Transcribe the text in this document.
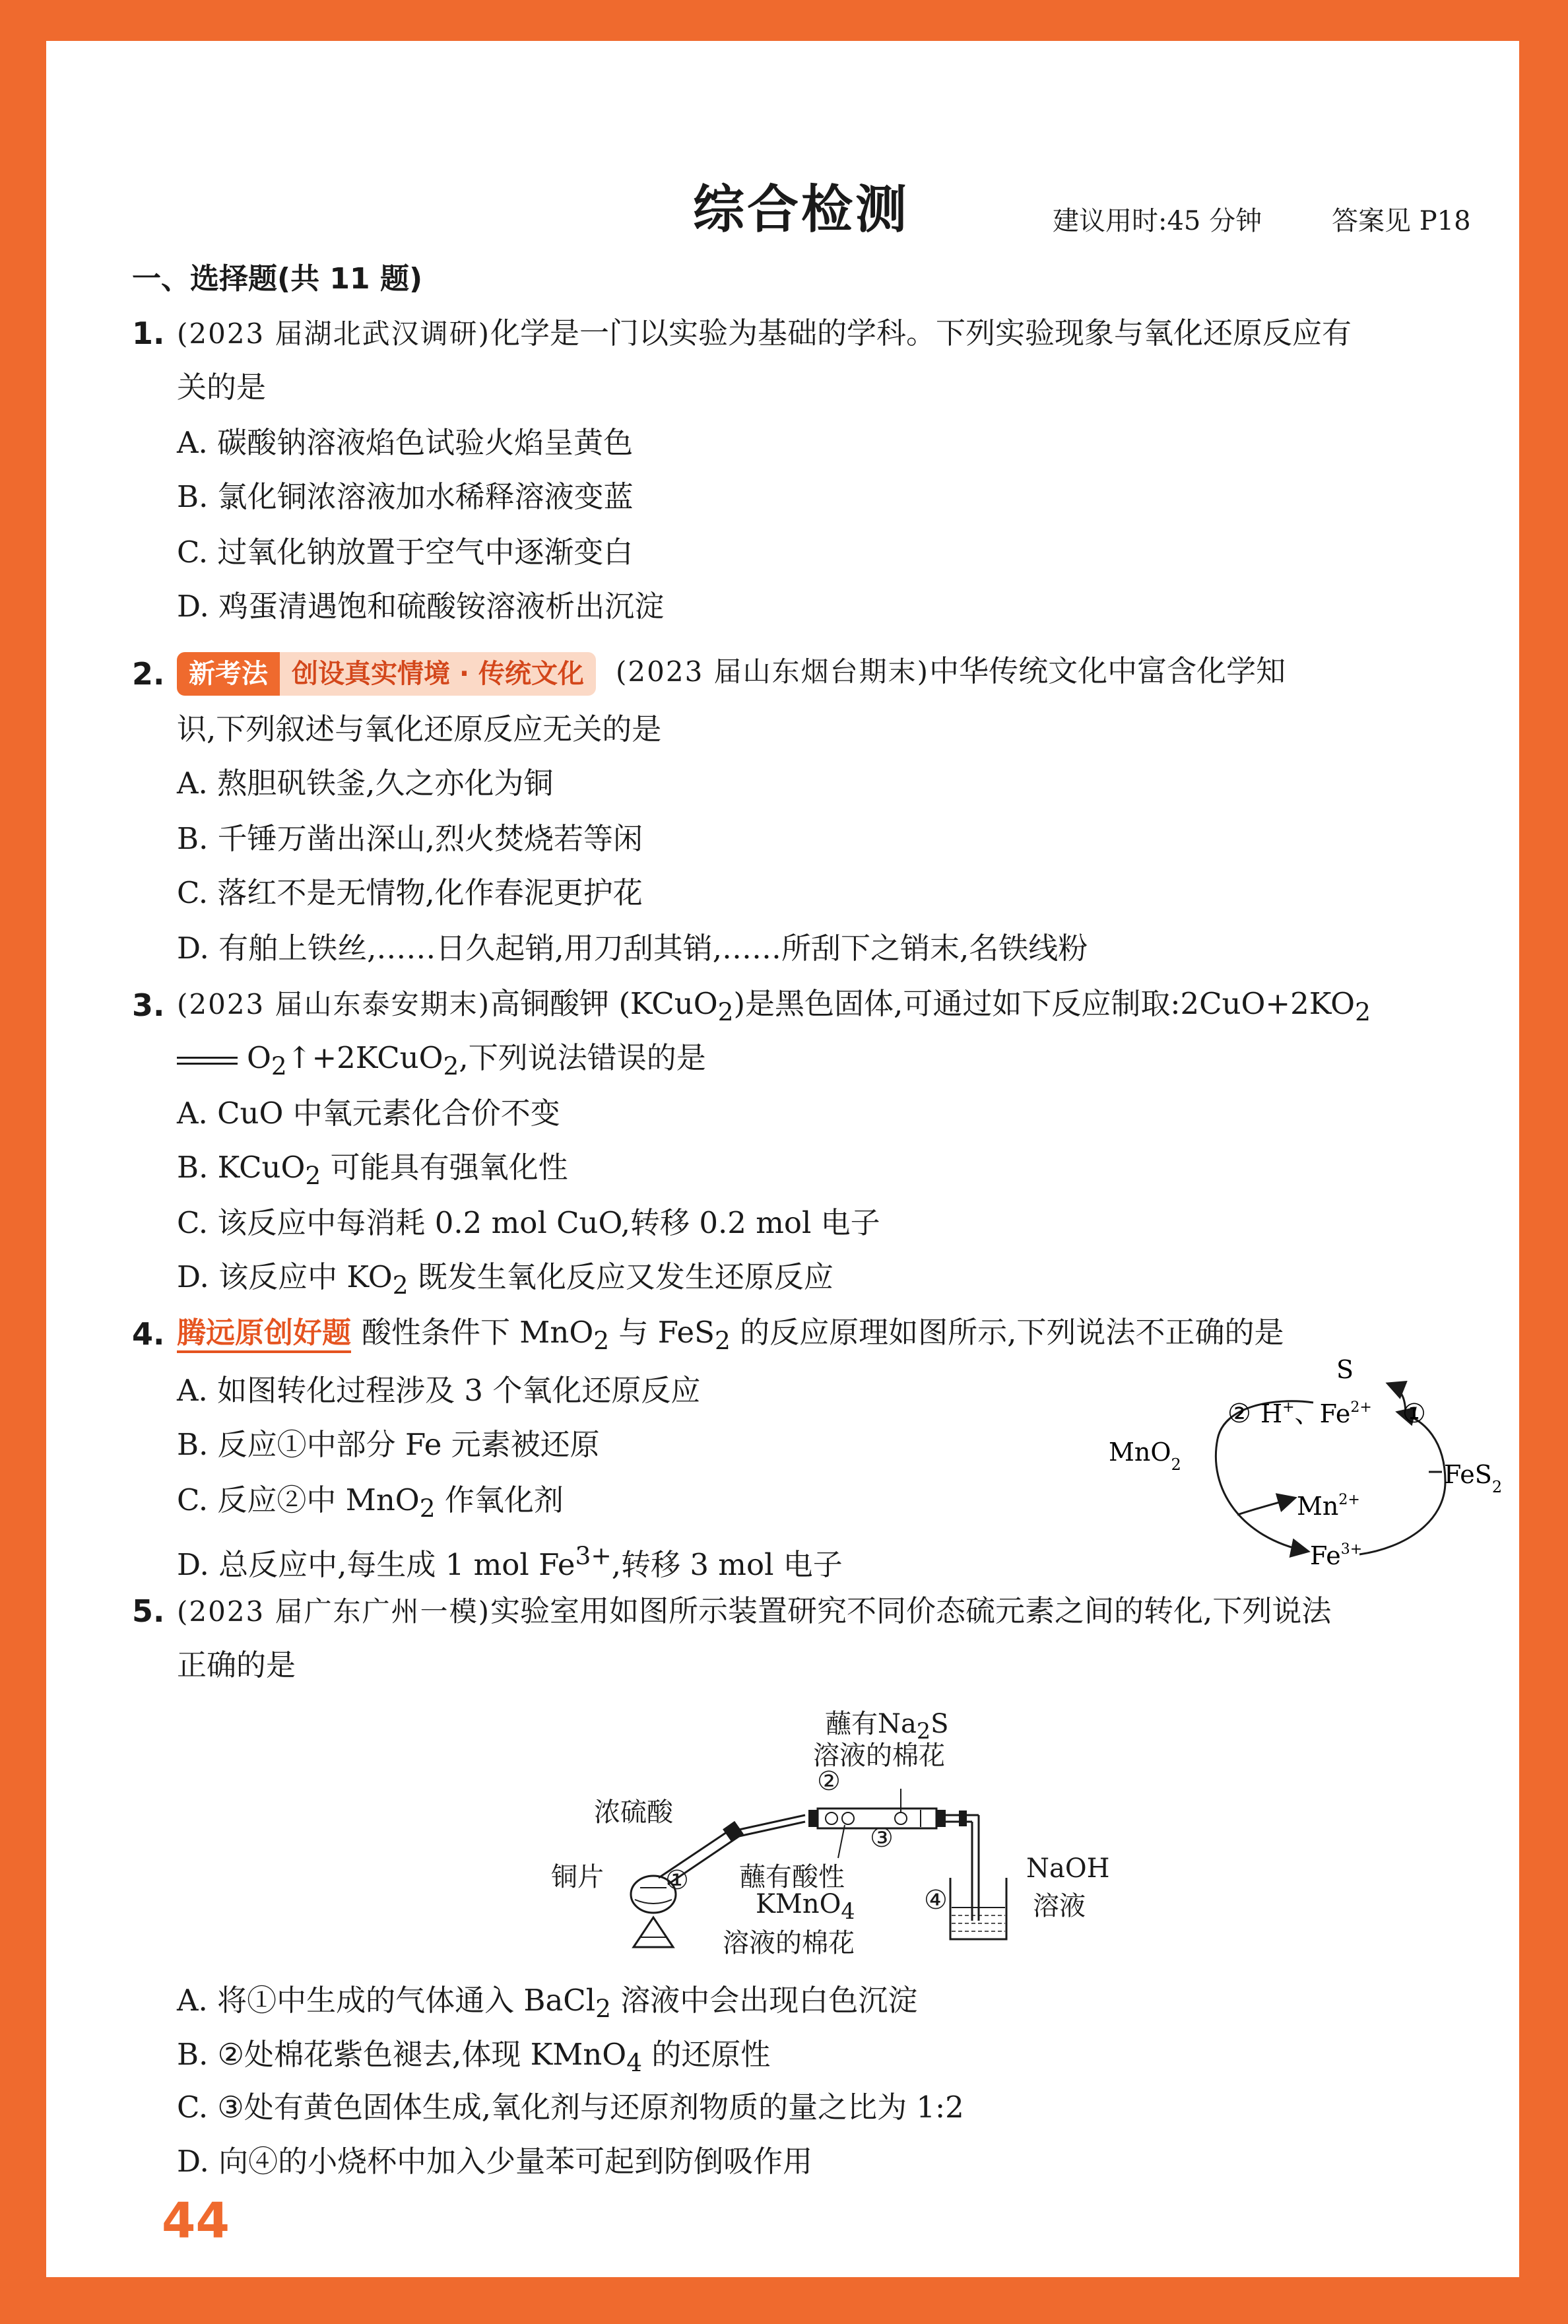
综合检测	建议用时:45 分钟	答案见 P18
一、选择题(共 11 题)
1. (2023 届湖北武汉调研)化学是一门以实验为基础的学科。下列实验现象与氧化还原反应有
关的是
A. 碳酸钠溶液焰色试验火焰呈黄色
B. 氯化铜浓溶液加水稀释溶液变蓝
C. 过氧化钠放置于空气中逐渐变白
D. 鸡蛋清遇饱和硫酸铵溶液析出沉淀
2. 新考法 创设真实情境 · 传统文化 (2023 届山东烟台期末)中华传统文化中富含化学知
识,下列叙述与氧化还原反应无关的是
A. 熬胆矾铁釜,久之亦化为铜
B. 千锤万凿出深山,烈火焚烧若等闲
C. 落红不是无情物,化作春泥更护花
D. 有舶上铁丝,……日久起销,用刀刮其销,……所刮下之销末,名铁线粉
3. (2023 届山东泰安期末)高铜酸钾 (KCuO$_2$)是黑色固体,可通过如下反应制取$:2CuO+2KO_2$
$O_2↑+2KCuO_2$,下列说法错误的是
A. CuO 中氧元素化合价不变
B. KCuO$_2$ 可能具有强氧化性
C. 该反应中每消耗 0.2 mol CuO,转移 0.2 mol 电子
D. 该反应中 $KO_2$ 既发生氧化反应又发生还原反应
4. 腾远原创好题 酸性条件下 MnO$_2$ 与 FeS$_2$ 的反应原理如图所示,下列说法不正确的是
A. 如图转化过程涉及 3 个氧化还原反应
B. 反应①中部分 Fe 元素被还原
C. 反应②中 MnO$_2$ 作氧化剂
D. 总反应中,每生成 1 mol $Fe^{3+}$,转移 3 mol 电子
S
② H+、$Fe^{2+}$ ①
MnO$_2$	FeS$_2$
$Mn^{2+}$
$Fe^{3+}$
5. (2023 届广东广州一模)实验室用如图所示装置研究不同价态硫元素之间的转化,下列说法
正确的是
蘸有$Na_2S$
溶液的棉花
②
浓硫酸
③
铜片 ① 蘸有酸性
KMnO$_4$
溶液的棉花
NaOH
④	溶液
A. 将①中生成的气体通入 BaCl$_2$ 溶液中会出现白色沉淀
B. ②处棉花紫色褪去,体现 KMnO$_4$ 的还原性
C. ③处有黄色固体生成,氧化剂与还原剂物质的量之比为 1:2
D. 向④的小烧杯中加入少量苯可起到防倒吸作用
44
